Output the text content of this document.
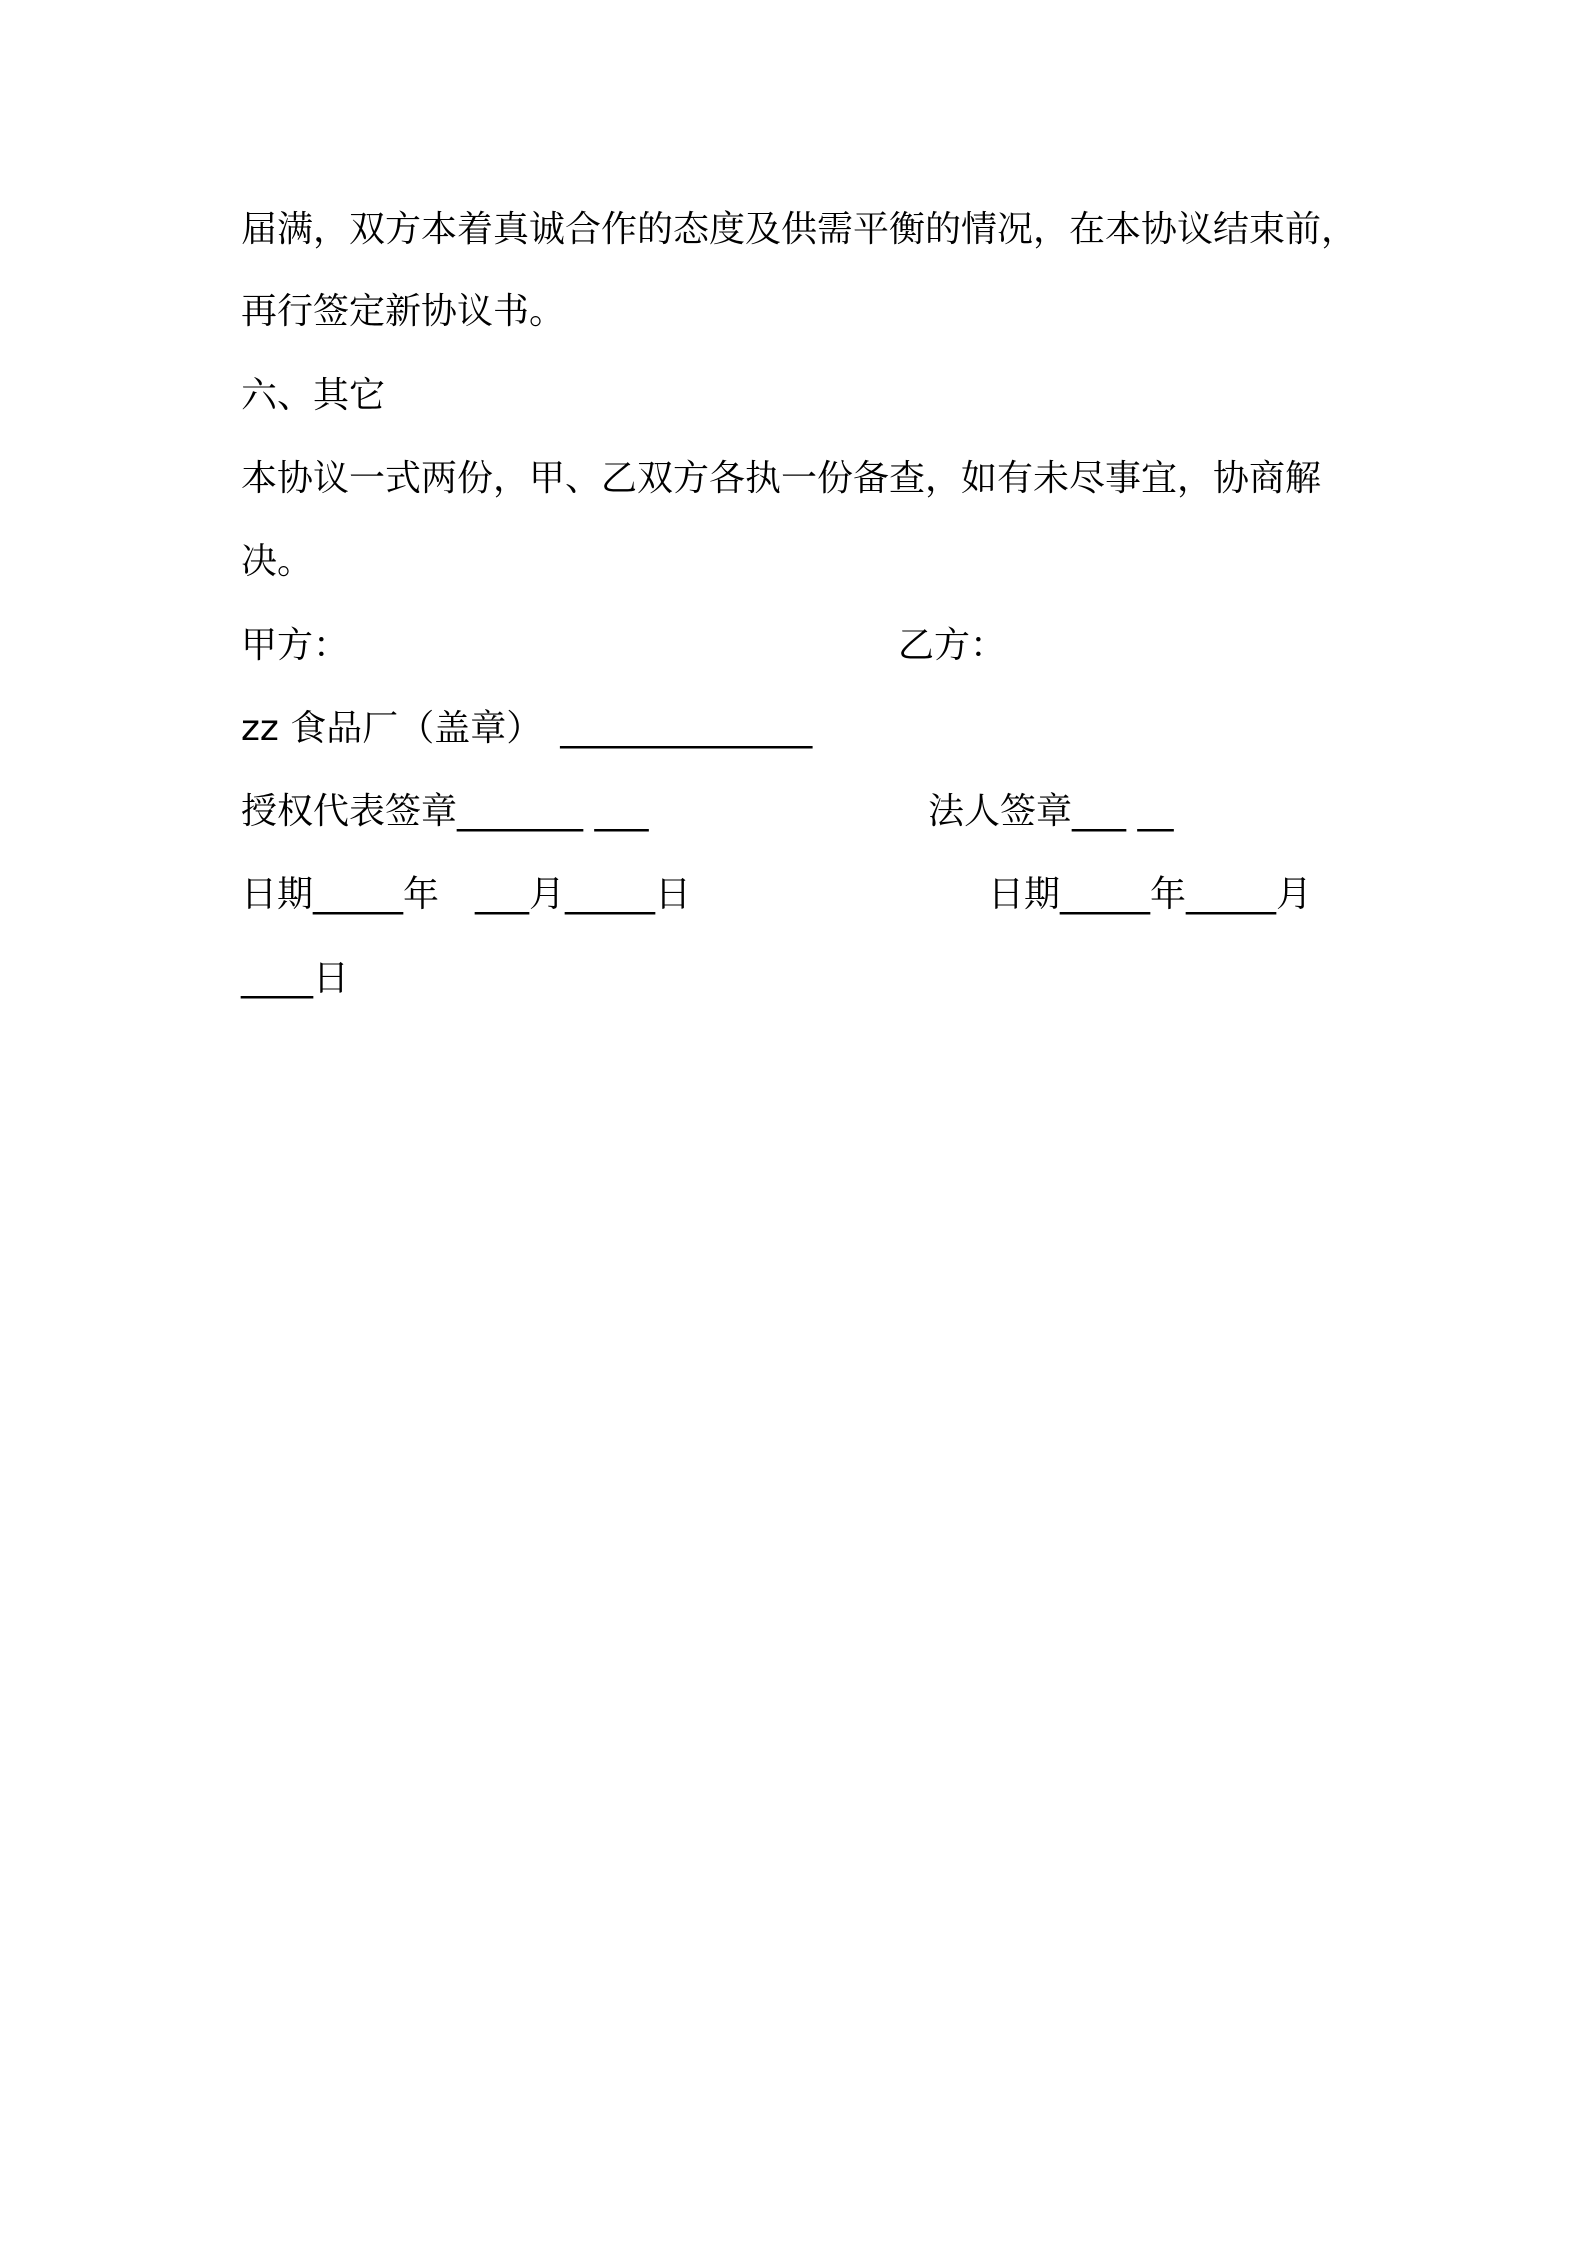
届满，双方本着真诚合作的态度及供需平衡的情况，在本协议结束前，
再行签定新协议书。
六、其它
本协议一式两份，甲、乙双方各执一份备查，如有未尽事宜，协商解
决。
甲方：	乙方：
zz 食品厂（盖章）　______________
授权代表签章_______ ___	法人签章___ __
日期_____年　___月_____日	日期_____年_____月
____日
